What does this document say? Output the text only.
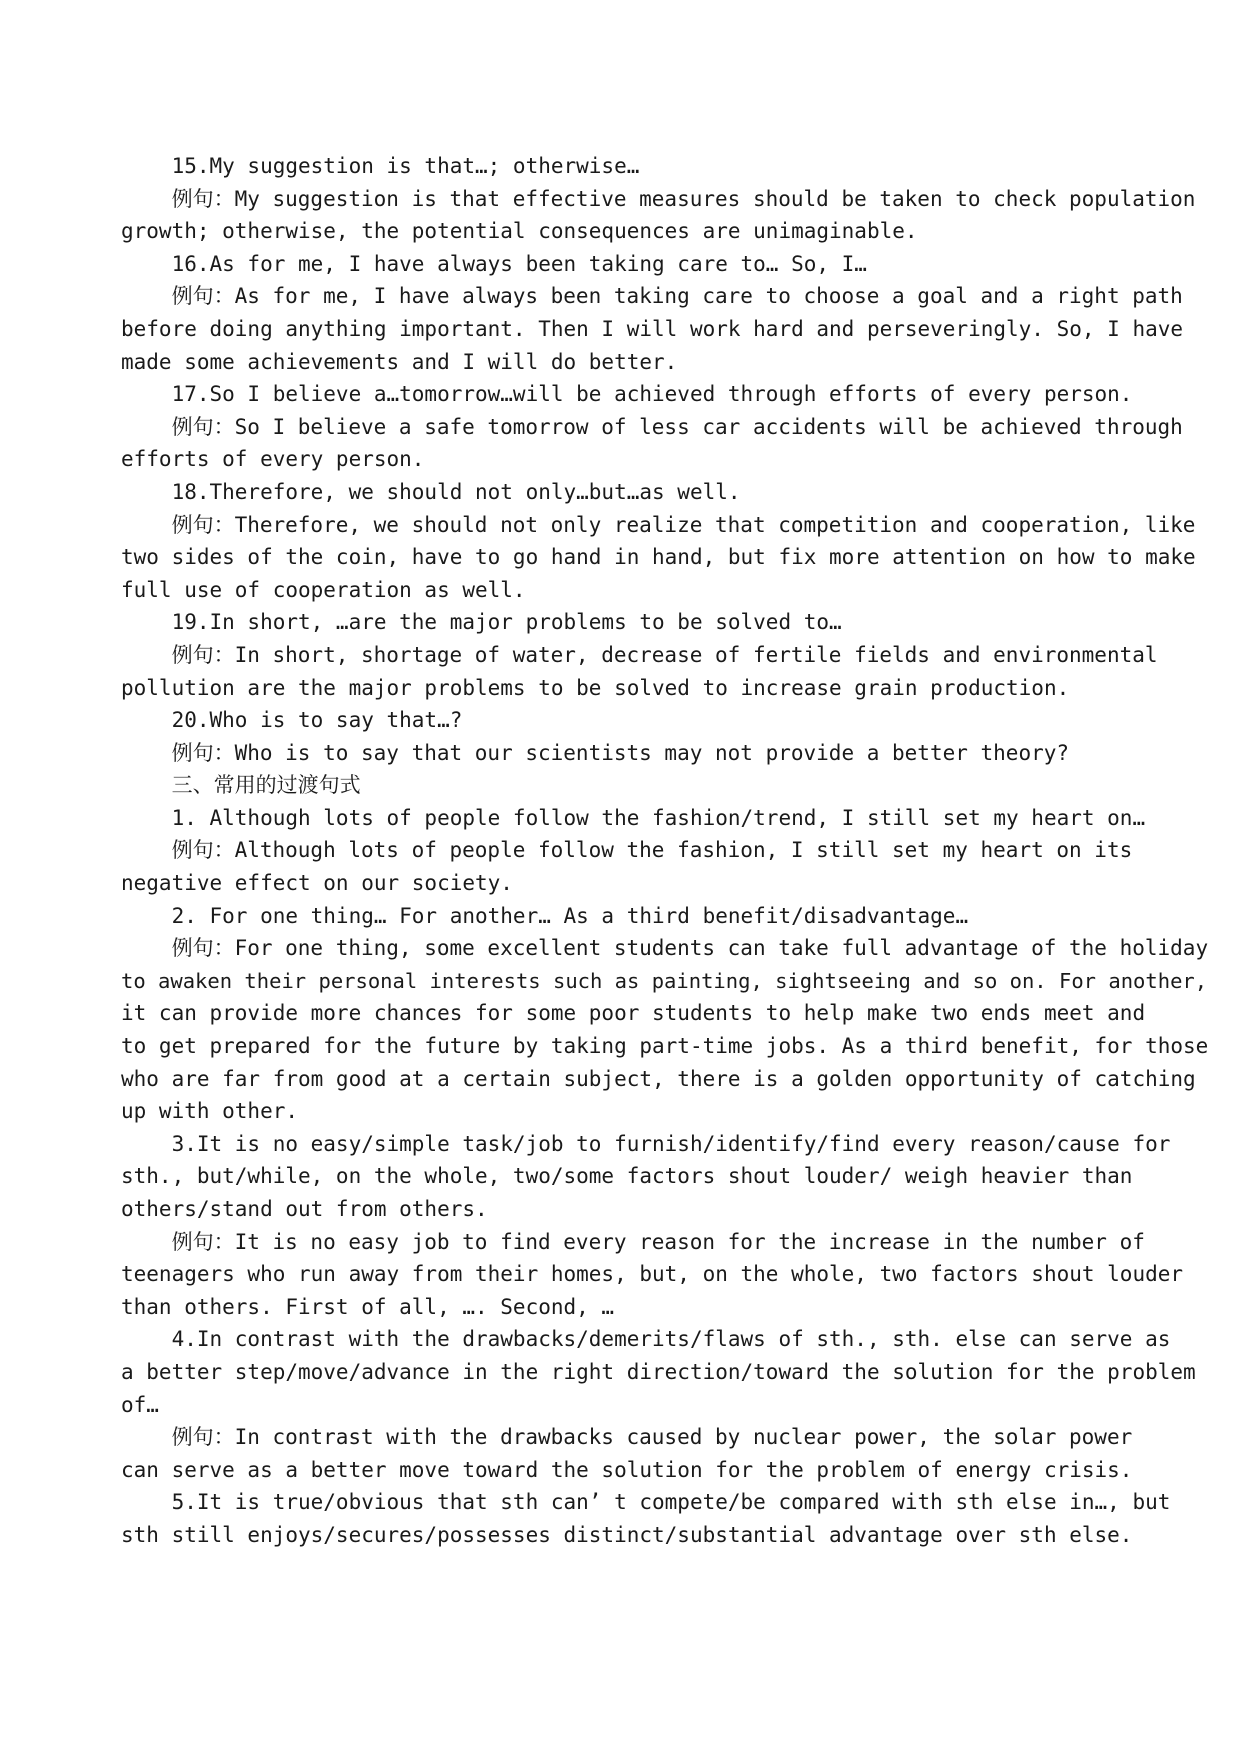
15.My suggestion is that…; otherwise…
例句：My suggestion is that effective measures should be taken to check population
growth; otherwise, the potential consequences are unimaginable.
16.As for me, I have always been taking care to… So, I…
例句：As for me, I have always been taking care to choose a goal and a right path
before doing anything important. Then I will work hard and perseveringly. So, I have
made some achievements and I will do better.
17.So I believe a…tomorrow…will be achieved through efforts of every person.
例句：So I believe a safe tomorrow of less car accidents will be achieved through
efforts of every person.
18.Therefore, we should not only…but…as well.
例句：Therefore, we should not only realize that competition and cooperation, like
two sides of the coin, have to go hand in hand, but fix more attention on how to make
full use of cooperation as well.
19.In short, …are the major problems to be solved to…
例句：In short, shortage of water, decrease of fertile fields and environmental
pollution are the major problems to be solved to increase grain production.
20.Who is to say that…?
例句：Who is to say that our scientists may not provide a better theory?
三、常用的过渡句式
1. Although lots of people follow the fashion/trend, I still set my heart on…
例句：Although lots of people follow the fashion, I still set my heart on its
negative effect on our society.
2. For one thing… For another… As a third benefit/disadvantage…
例句：For one thing, some excellent students can take full advantage of the holiday
to awaken their personal interests such as painting, sightseeing and so on. For another,
it can provide more chances for some poor students to help make two ends meet and
to get prepared for the future by taking part-time jobs. As a third benefit, for those
who are far from good at a certain subject, there is a golden opportunity of catching
up with other.
3.It is no easy/simple task/job to furnish/identify/find every reason/cause for
sth., but/while, on the whole, two/some factors shout louder/ weigh heavier than
others/stand out from others.
例句：It is no easy job to find every reason for the increase in the number of
teenagers who run away from their homes, but, on the whole, two factors shout louder
than others. First of all, …. Second, …
4.In contrast with the drawbacks/demerits/flaws of sth., sth. else can serve as
a better step/move/advance in the right direction/toward the solution for the problem
of…
例句：In contrast with the drawbacks caused by nuclear power, the solar power
can serve as a better move toward the solution for the problem of energy crisis.
5.It is true/obvious that sth can’ t compete/be compared with sth else in…, but
sth still enjoys/secures/possesses distinct/substantial advantage over sth else.
